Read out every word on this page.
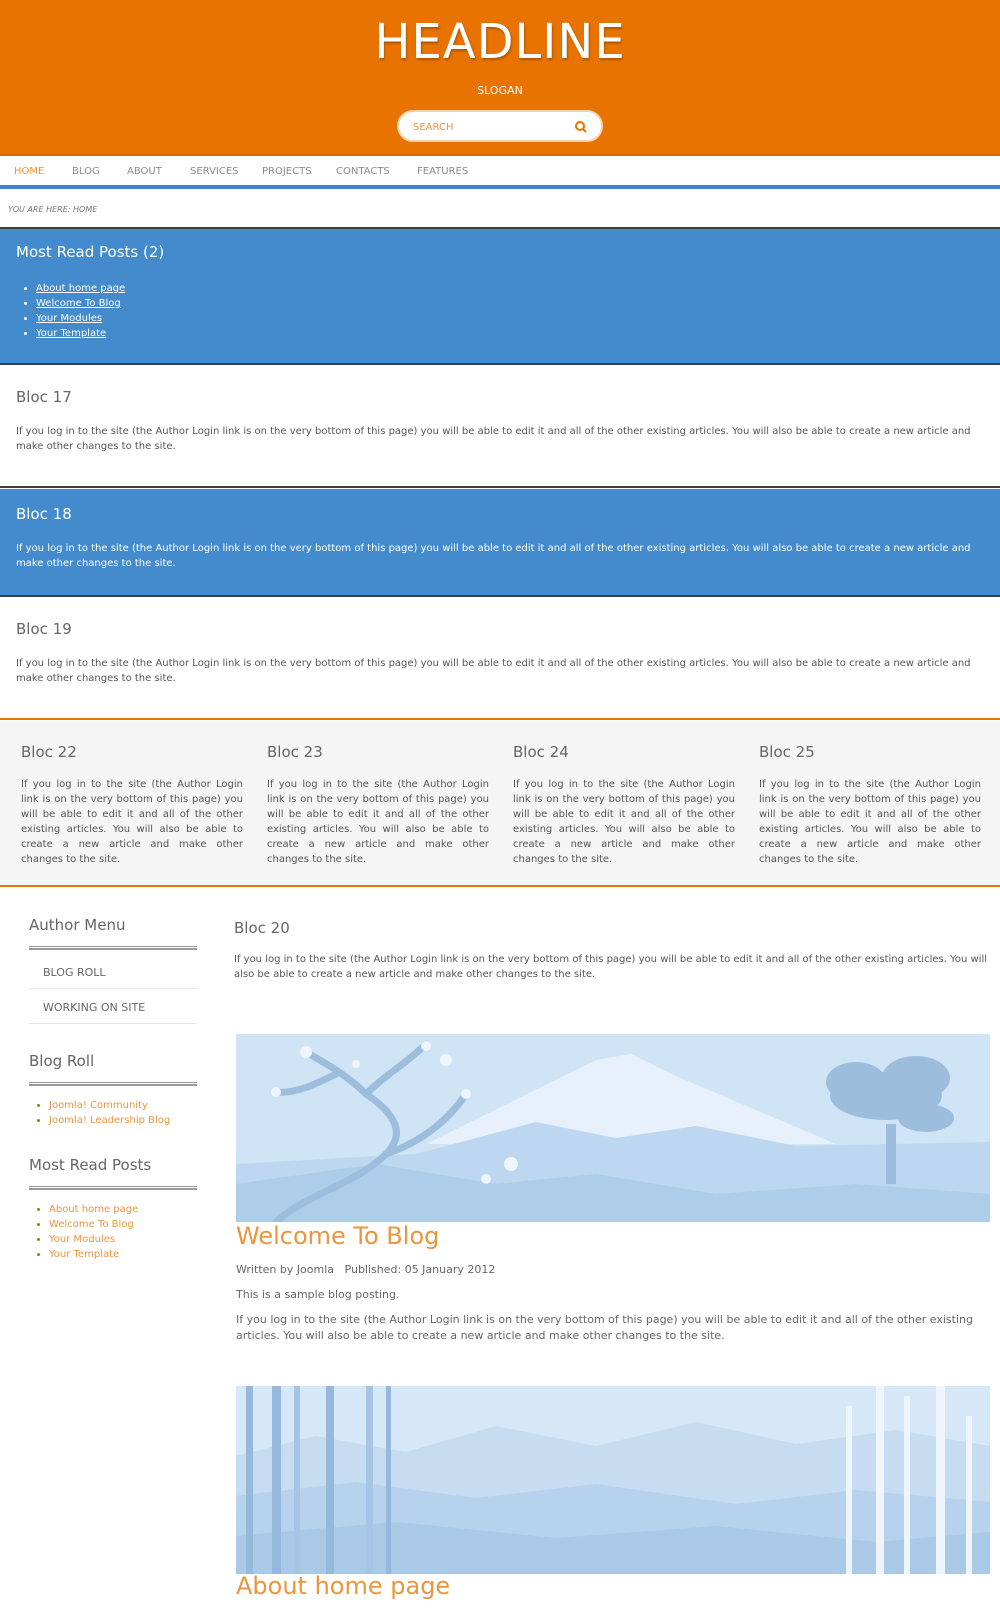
HEADLINE
SLOGAN
SEARCH
HOME	BLOG	ABOUT	SERVICES PROJECTS CONTACTS	FEATURES
YOU ARE HERE: HOME
Most Read Posts (2)
• About home page
• Welcome To Blog
• Your Modules
• Your Template
Bloc 17
If you log in to the site (the Author Login link is on the very bottom of this page) you will be able to edit it and all of the other existing articles. You will also be able to create a new article and make other changes to the site.
Bloc 18
If you log in to the site (the Author Login link is on the very bottom of this page) you will be able to edit it and all of the other existing articles. You will also be able to create a new article and make other changes to the site.
Bloc 19
If you log in to the site (the Author Login link is on the very bottom of this page) you will be able to edit it and all of the other existing articles. You will also be able to create a new article and make other changes to the site.
Bloc 22
If you log in to the site (the Author Login link is on the very bottom of this page) you will be able to edit it and all of the other existing articles. You will also be able to create a new article and make other changes to the site.
Bloc 23
If you log in to the site (the Author Login link is on the very bottom of this page) you will be able to edit it and all of the other existing articles. You will also be able to create a new article and make other changes to the site.
Bloc 24
If you log in to the site (the Author Login link is on the very bottom of this page) you will be able to edit it and all of the other existing articles. You will also be able to create a new article and make other changes to the site.
Bloc 25
If you log in to the site (the Author Login link is on the very bottom of this page) you will be able to edit it and all of the other existing articles. You will also be able to create a new article and make other changes to the site.
Author Menu
BLOG ROLL
WORKING ON SITE
Blog Roll
• Joomla! Community
• Joomla! Leadership Blog
Most Read Posts
• About home page
• Welcome To Blog
• Your Modules
• Your Template
Bloc 20
If you log in to the site (the Author Login link is on the very bottom of this page) you will be able to edit it and all of the other existing articles. You will also be able to create a new article and make other changes to the site.
Welcome To Blog
Written by Joomla Published: 05 January 2012
This is a sample blog posting.
If you log in to the site (the Author Login link is on the very bottom of this page) you will be able to edit it and all of the other existing articles. You will also be able to create a new article and make other changes to the site.
About home page
